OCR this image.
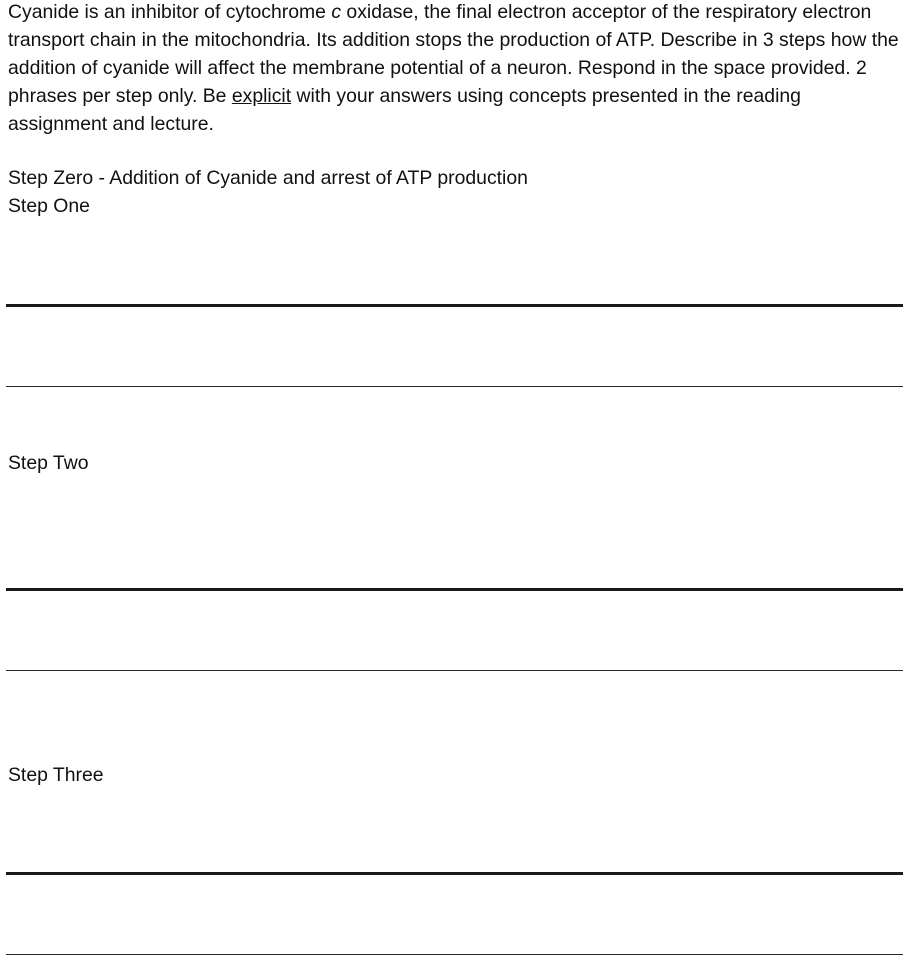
Cyanide is an inhibitor of cytochrome c oxidase, the final electron acceptor of the respiratory electron transport chain in the mitochondria. Its addition stops the production of ATP. Describe in 3 steps how the addition of cyanide will affect the membrane potential of a neuron. Respond in the space provided. 2 phrases per step only. Be explicit with your answers using concepts presented in the reading assignment and lecture.

Step Zero - Addition of Cyanide and arrest of ATP production

Step One

Step Two

Step Three
